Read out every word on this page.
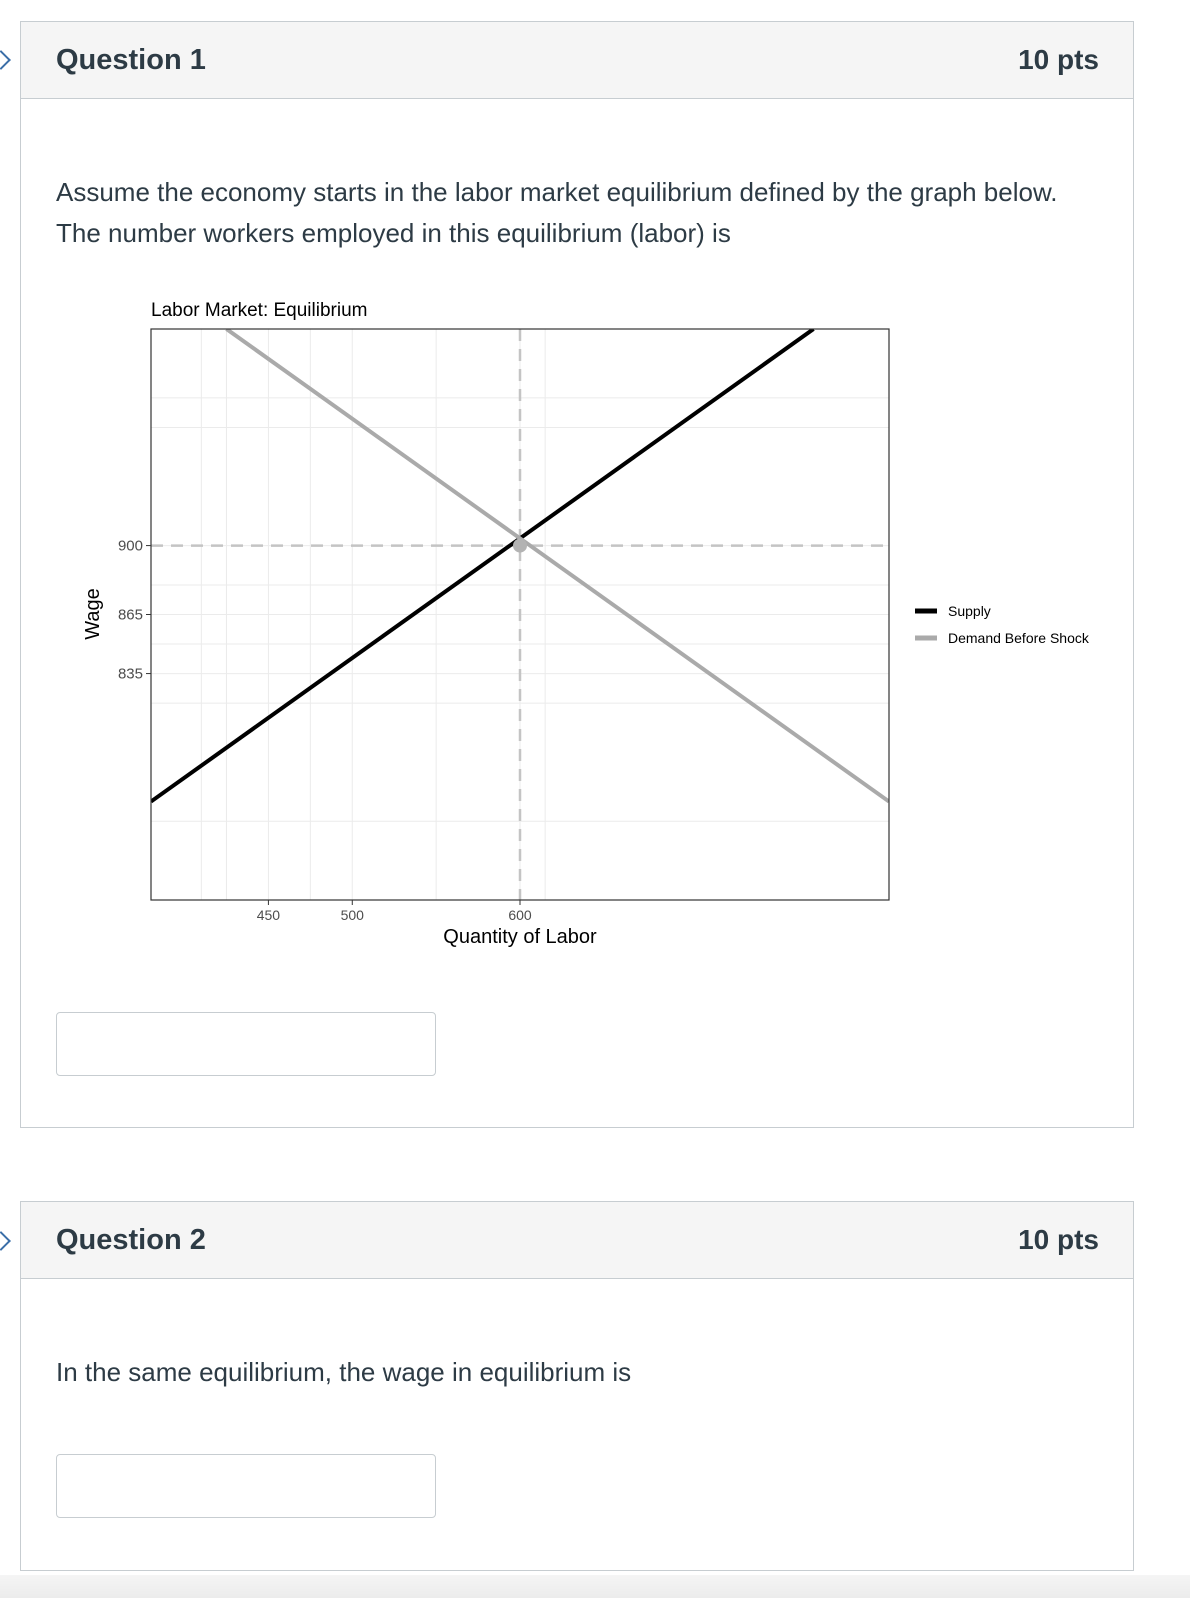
Question 1	10 pts
Assume the economy starts in the labor market equilibrium defined by the graph below. The number workers employed in this equilibrium (labor) is
Labor Market: Equilibrium
450	500	600
835
865
900
Quantity of Labor
Wage	Supply
Demand Before Shock
Question 2	10 pts
In the same equilibrium, the wage in equilibrium is
